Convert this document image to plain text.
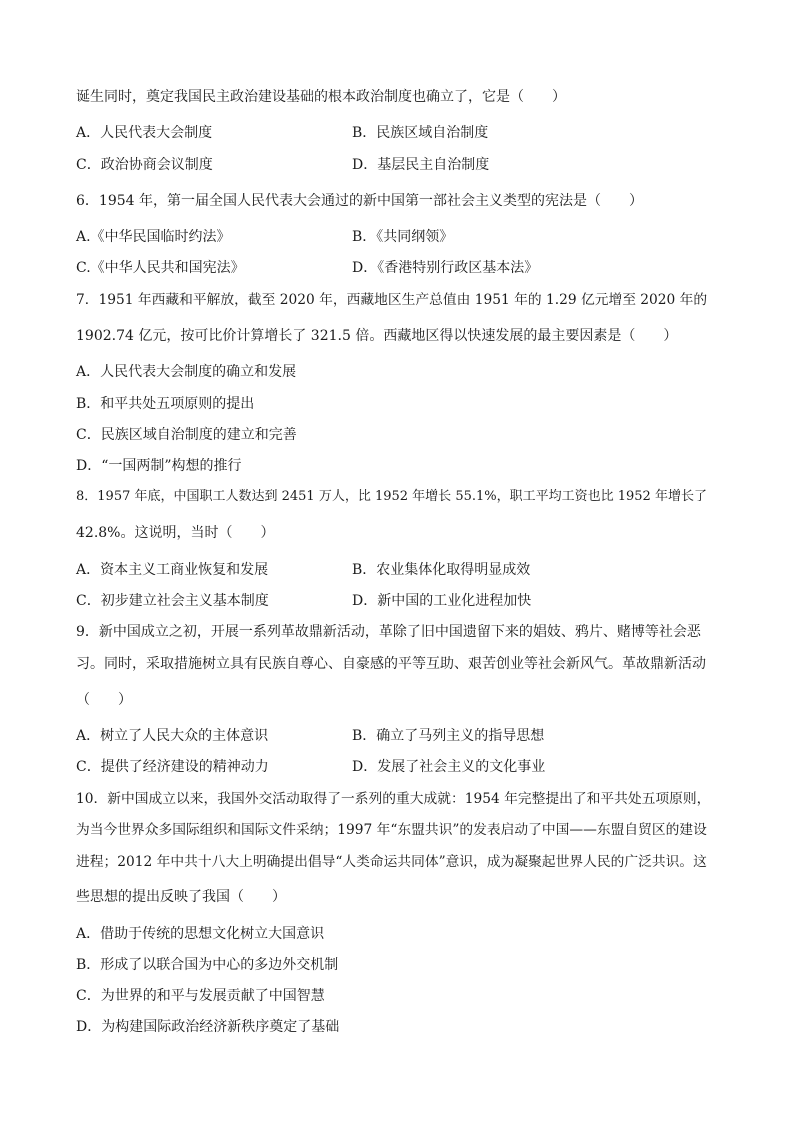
诞生同时，奠定我国民主政治建设基础的根本政治制度也确立了，它是（　　）
A．人民代表大会制度	B．民族区域自治制度
C．政治协商会议制度	D．基层民主自治制度
6．1954 年，第一届全国人民代表大会通过的新中国第一部社会主义类型的宪法是（　　）
A.《中华民国临时约法》	B．《共同纲领》
C.《中华人民共和国宪法》	D．《香港特别行政区基本法》
7．1951 年西藏和平解放，截至 2020 年，西藏地区生产总值由 1951 年的 1.29 亿元增至 2020 年的
1902.74 亿元，按可比价计算增长了 321.5 倍。西藏地区得以快速发展的最主要因素是（　　）
A．人民代表大会制度的确立和发展
B．和平共处五项原则的提出
C．民族区域自治制度的建立和完善
D．“一国两制”构想的推行
8．1957 年底，中国职工人数达到 2451 万人，比 1952 年增长 55.1%，职工平均工资也比 1952 年增长了
42.8%。这说明，当时（　　）
A．资本主义工商业恢复和发展	B．农业集体化取得明显成效
C．初步建立社会主义基本制度	D．新中国的工业化进程加快
9．新中国成立之初，开展一系列革故鼎新活动，革除了旧中国遗留下来的娼妓、鸦片、赌博等社会恶
习。同时，采取措施树立具有民族自尊心、自豪感的平等互助、艰苦创业等社会新风气。革故鼎新活动
（　　）
A．树立了人民大众的主体意识	B．确立了马列主义的指导思想
C．提供了经济建设的精神动力	D．发展了社会主义的文化事业
10．新中国成立以来，我国外交活动取得了一系列的重大成就：1954 年完整提出了和平共处五项原则，
为当今世界众多国际组织和国际文件采纳；1997 年“东盟共识”的发表启动了中国——东盟自贸区的建设
进程；2012 年中共十八大上明确提出倡导“人类命运共同体”意识，成为凝聚起世界人民的广泛共识。这
些思想的提出反映了我国（　　）
A．借助于传统的思想文化树立大国意识
B．形成了以联合国为中心的多边外交机制
C．为世界的和平与发展贡献了中国智慧
D．为构建国际政治经济新秩序奠定了基础
